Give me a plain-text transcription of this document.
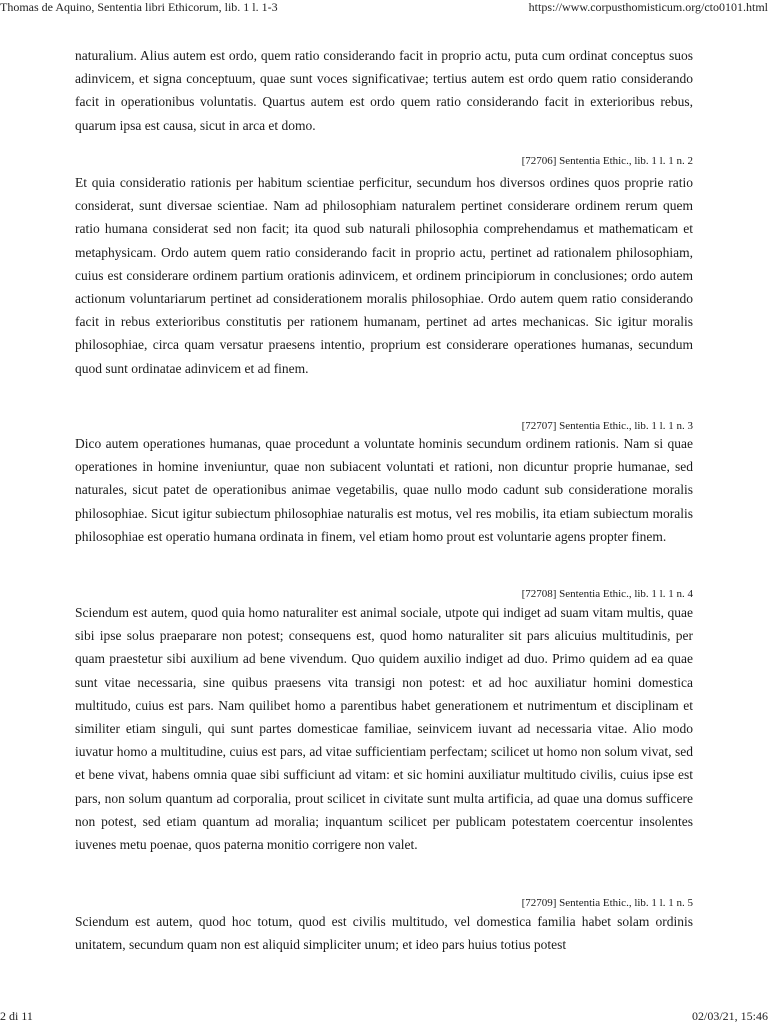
Thomas de Aquino, Sententia libri Ethicorum, lib. 1 l. 1-3	https://www.corpusthomisticum.org/cto0101.html

naturalium. Alius autem est ordo, quem ratio considerando facit in proprio actu, puta cum ordinat conceptus suos adinvicem, et signa conceptuum, quae sunt voces significativae; tertius autem est ordo quem ratio considerando facit in operationibus voluntatis. Quartus autem est ordo quem ratio considerando facit in exterioribus rebus, quarum ipsa est causa, sicut in arca et domo.

[72706] Sententia Ethic., lib. 1 l. 1 n. 2

Et quia consideratio rationis per habitum scientiae perficitur, secundum hos diversos ordines quos proprie ratio considerat, sunt diversae scientiae. Nam ad philosophiam naturalem pertinet considerare ordinem rerum quem ratio humana considerat sed non facit; ita quod sub naturali philosophia comprehendamus et mathematicam et metaphysicam. Ordo autem quem ratio considerando facit in proprio actu, pertinet ad rationalem philosophiam, cuius est considerare ordinem partium orationis adinvicem, et ordinem principiorum in conclusiones; ordo autem actionum voluntariarum pertinet ad considerationem moralis philosophiae. Ordo autem quem ratio considerando facit in rebus exterioribus constitutis per rationem humanam, pertinet ad artes mechanicas. Sic igitur moralis philosophiae, circa quam versatur praesens intentio, proprium est considerare operationes humanas, secundum quod sunt ordinatae adinvicem et ad finem.

[72707] Sententia Ethic., lib. 1 l. 1 n. 3

Dico autem operationes humanas, quae procedunt a voluntate hominis secundum ordinem rationis. Nam si quae operationes in homine inveniuntur, quae non subiacent voluntati et rationi, non dicuntur proprie humanae, sed naturales, sicut patet de operationibus animae vegetabilis, quae nullo modo cadunt sub consideratione moralis philosophiae. Sicut igitur subiectum philosophiae naturalis est motus, vel res mobilis, ita etiam subiectum moralis philosophiae est operatio humana ordinata in finem, vel etiam homo prout est voluntarie agens propter finem.

[72708] Sententia Ethic., lib. 1 l. 1 n. 4

Sciendum est autem, quod quia homo naturaliter est animal sociale, utpote qui indiget ad suam vitam multis, quae sibi ipse solus praeparare non potest; consequens est, quod homo naturaliter sit pars alicuius multitudinis, per quam praestetur sibi auxilium ad bene vivendum. Quo quidem auxilio indiget ad duo. Primo quidem ad ea quae sunt vitae necessaria, sine quibus praesens vita transigi non potest: et ad hoc auxiliatur homini domestica multitudo, cuius est pars. Nam quilibet homo a parentibus habet generationem et nutrimentum et disciplinam et similiter etiam singuli, qui sunt partes domesticae familiae, seinvicem iuvant ad necessaria vitae. Alio modo iuvatur homo a multitudine, cuius est pars, ad vitae sufficientiam perfectam; scilicet ut homo non solum vivat, sed et bene vivat, habens omnia quae sibi sufficiunt ad vitam: et sic homini auxiliatur multitudo civilis, cuius ipse est pars, non solum quantum ad corporalia, prout scilicet in civitate sunt multa artificia, ad quae una domus sufficere non potest, sed etiam quantum ad moralia; inquantum scilicet per publicam potestatem coercentur insolentes iuvenes metu poenae, quos paterna monitio corrigere non valet.

[72709] Sententia Ethic., lib. 1 l. 1 n. 5

Sciendum est autem, quod hoc totum, quod est civilis multitudo, vel domestica familia habet solam ordinis unitatem, secundum quam non est aliquid simpliciter unum; et ideo pars huius totius potest

2 di 11	02/03/21, 15:46
